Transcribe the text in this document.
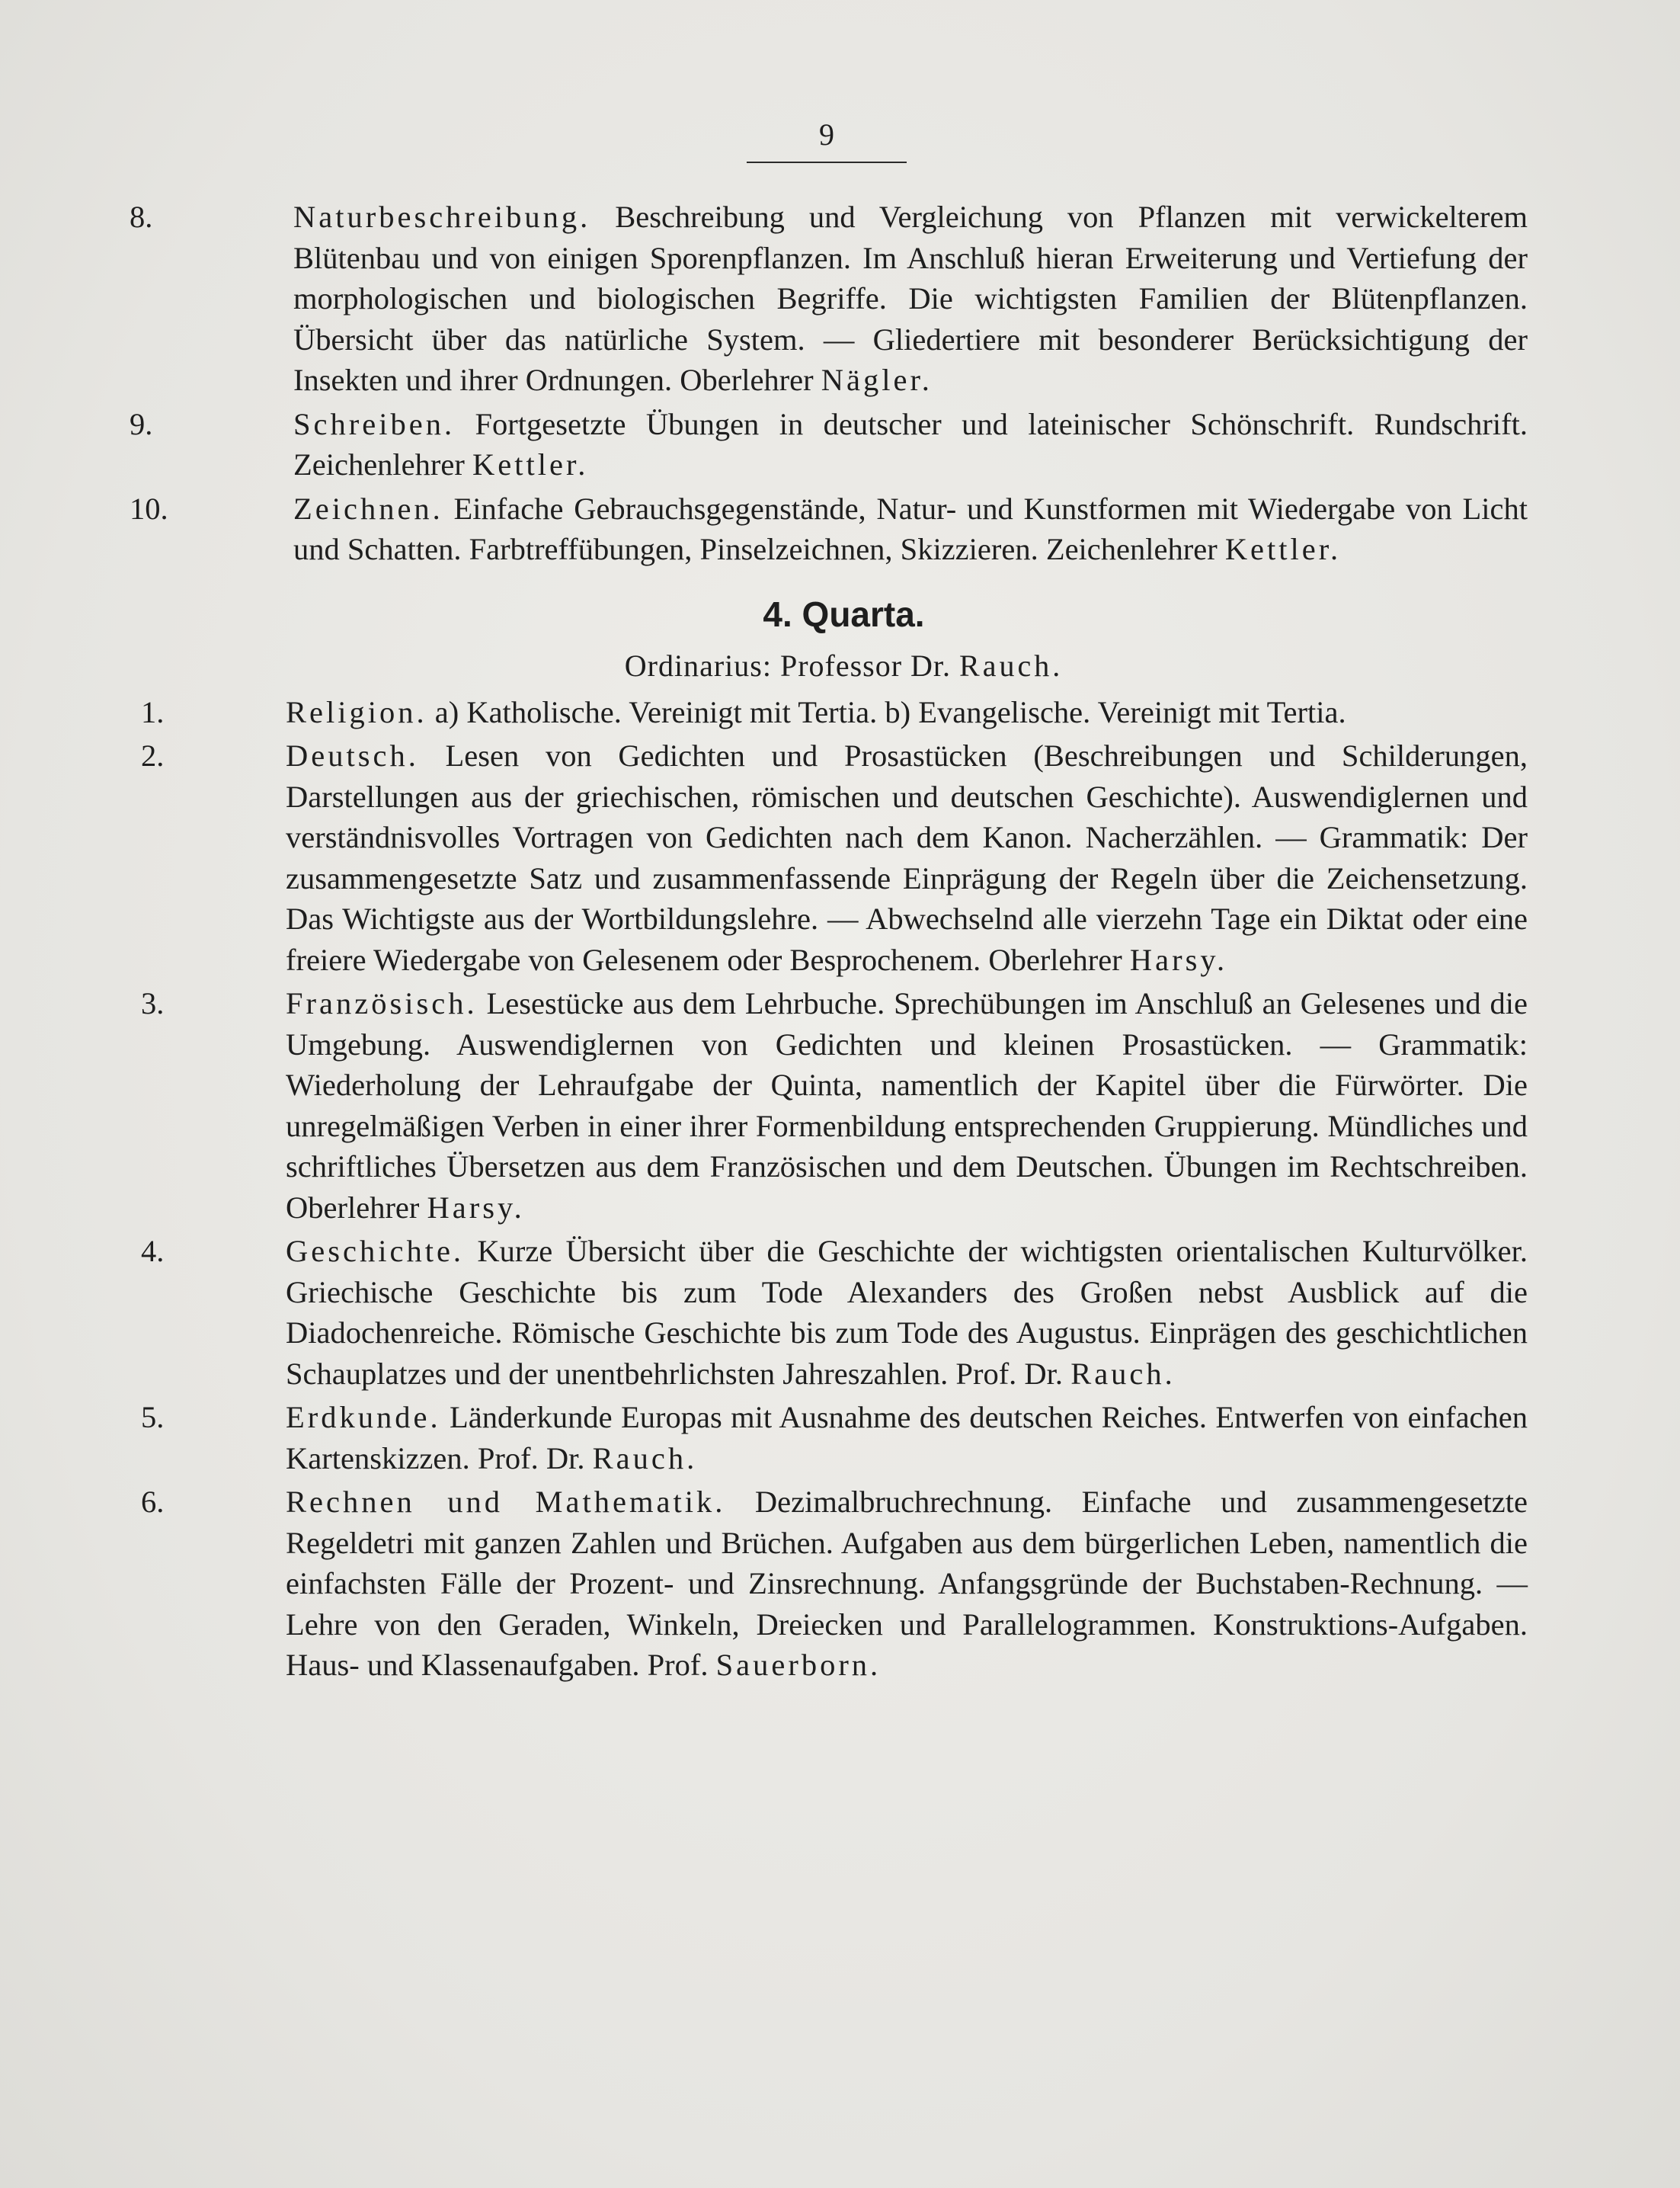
9
8.	Naturbeschreibung. Beschreibung und Vergleichung von Pflanzen mit verwickelterem Blütenbau und von einigen Sporenpflanzen. Im Anschluß hieran Erweiterung und Vertiefung der morphologischen und biologischen Begriffe. Die wichtigsten Familien der Blütenpflanzen. Übersicht über das natürliche System. — Gliedertiere mit besonderer Berücksichtigung der Insekten und ihrer Ordnungen. Oberlehrer Nägler.

9.	Schreiben. Fortgesetzte Übungen in deutscher und lateinischer Schönschrift. Rundschrift. Zeichenlehrer Kettler.

10.	Zeichnen. Einfache Gebrauchsgegenstände, Natur- und Kunstformen mit Wiedergabe von Licht und Schatten. Farbtreffübungen, Pinselzeichnen, Skizzieren. Zeichenlehrer Kettler.

4. Quarta.
Ordinarius: Professor Dr. Rauch.
1.	Religion. a) Katholische. Vereinigt mit Tertia. b) Evangelische. Vereinigt mit Tertia.

2.	Deutsch. Lesen von Gedichten und Prosastücken (Beschreibungen und Schilderungen, Darstellungen aus der griechischen, römischen und deutschen Geschichte). Auswendiglernen und verständnisvolles Vortragen von Gedichten nach dem Kanon. Nacherzählen. — Grammatik: Der zusammengesetzte Satz und zusammenfassende Einprägung der Regeln über die Zeichensetzung. Das Wichtigste aus der Wortbildungslehre. — Abwechselnd alle vierzehn Tage ein Diktat oder eine freiere Wiedergabe von Gelesenem oder Besprochenem. Oberlehrer Harsy.

3.	Französisch. Lesestücke aus dem Lehrbuche. Sprechübungen im Anschluß an Gelesenes und die Umgebung. Auswendiglernen von Gedichten und kleinen Prosastücken. — Grammatik: Wiederholung der Lehraufgabe der Quinta, namentlich der Kapitel über die Fürwörter. Die unregelmäßigen Verben in einer ihrer Formenbildung entsprechenden Gruppierung. Mündliches und schriftliches Übersetzen aus dem Französischen und dem Deutschen. Übungen im Rechtschreiben. Oberlehrer Harsy.

4.	Geschichte. Kurze Übersicht über die Geschichte der wichtigsten orientalischen Kulturvölker. Griechische Geschichte bis zum Tode Alexanders des Großen nebst Ausblick auf die Diadochenreiche. Römische Geschichte bis zum Tode des Augustus. Einprägen des geschichtlichen Schauplatzes und der unentbehrlichsten Jahreszahlen. Prof. Dr. Rauch.

5.	Erdkunde. Länderkunde Europas mit Ausnahme des deutschen Reiches. Entwerfen von einfachen Kartenskizzen. Prof. Dr. Rauch.

6.	Rechnen und Mathematik. Dezimalbruchrechnung. Einfache und zusammengesetzte Regeldetri mit ganzen Zahlen und Brüchen. Aufgaben aus dem bürgerlichen Leben, namentlich die einfachsten Fälle der Prozent- und Zinsrechnung. Anfangsgründe der Buchstaben-Rechnung. — Lehre von den Geraden, Winkeln, Dreiecken und Parallelogrammen. Konstruktions-Aufgaben. Haus- und Klassenaufgaben. Prof. Sauerborn.
